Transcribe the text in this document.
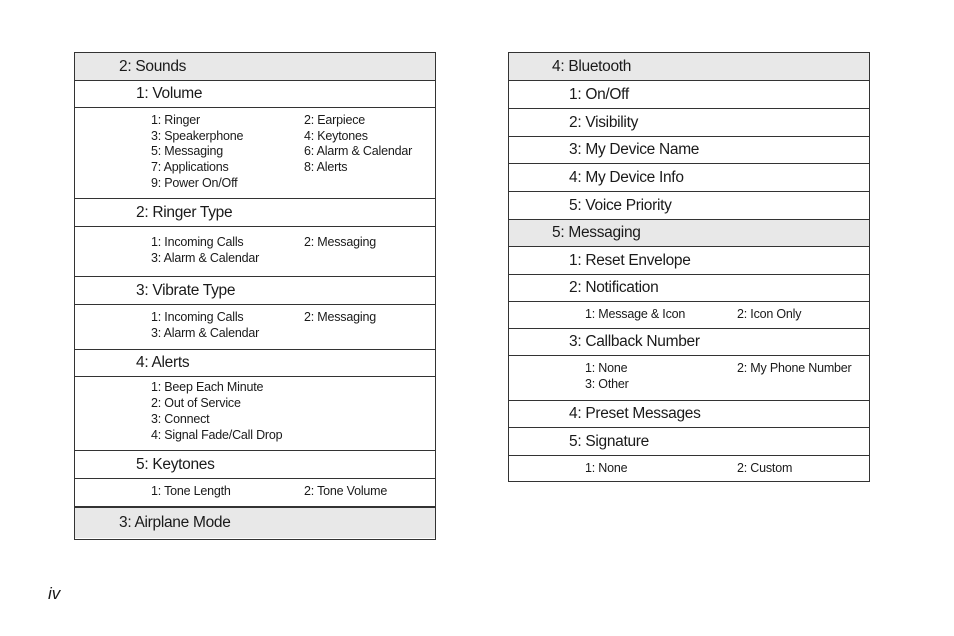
2: Sounds
1: Volume
1: Ringer	2: Earpiece
3: Speakerphone	4: Keytones
5: Messaging	6: Alarm & Calendar
7: Applications	8: Alerts
9: Power On/Off
2: Ringer Type
1: Incoming Calls	2: Messaging
3: Alarm & Calendar
3: Vibrate Type
1: Incoming Calls	2: Messaging
3: Alarm & Calendar
4: Alerts
1: Beep Each Minute
2: Out of Service
3: Connect
4: Signal Fade/Call Drop
5: Keytones
1: Tone Length	2: Tone Volume
3: Airplane Mode
4: Bluetooth
1: On/Off
2: Visibility
3: My Device Name
4: My Device Info
5: Voice Priority
5: Messaging
1: Reset Envelope
2: Notification
1: Message & Icon	2: Icon Only
3: Callback Number
1: None	2: My Phone Number
3: Other
4: Preset Messages
5: Signature
1: None	2: Custom
iv
